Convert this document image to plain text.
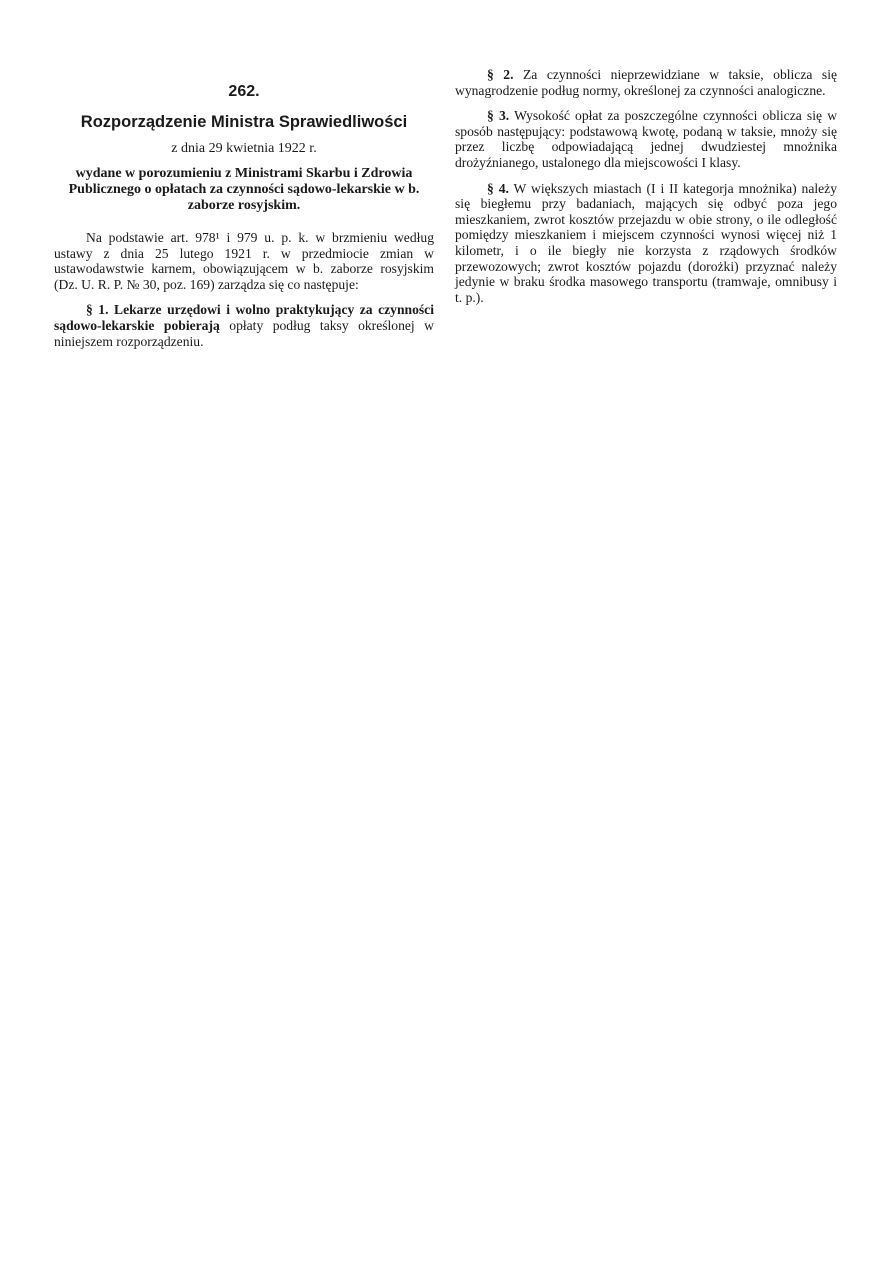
262.
Rozporządzenie Ministra Sprawiedliwości
z dnia 29 kwietnia 1922 r.
wydane w porozumieniu z Ministrami Skarbu i Zdrowia Publicznego o opłatach za czynności sądowo-lekarskie w b. zaborze rosyjskim.

Na podstawie art. 978¹ i 979 u. p. k. w brzmieniu według ustawy z dnia 25 lutego 1921 r. w przedmiocie zmian w ustawodawstwie karnem, obowiązującem w b. zaborze rosyjskim (Dz. U. R. P. № 30, poz. 169) zarządza się co następuje:

§ 1. Lekarze urzędowi i wolno praktykujący za czynności sądowo-lekarskie pobierają opłaty podług taksy określonej w niniejszem rozporządzeniu.

§ 2. Za czynności nieprzewidziane w taksie, oblicza się wynagrodzenie podług normy, określonej za czynności analogiczne.

§ 3. Wysokość opłat za poszczególne czynności oblicza się w sposób następujący: podstawową kwotę, podaną w taksie, mnoży się przez liczbę odpowiadającą jednej dwudziestej mnożnika drożyźnianego, ustalonego dla miejscowości I klasy.

§ 4. W większych miastach (I i II kategorja mnożnika) należy się biegłemu przy badaniach, mających się odbyć poza jego mieszkaniem, zwrot kosztów przejazdu w obie strony, o ile odległość pomiędzy mieszkaniem i miejscem czynności wynosi więcej niż 1 kilometr, i o ile biegły nie korzysta z rządowych środków przewozowych; zwrot kosztów pojazdu (dorożki) przyznać należy jedynie w braku środka masowego transportu (tramwaje, omnibusy i t. p.).
